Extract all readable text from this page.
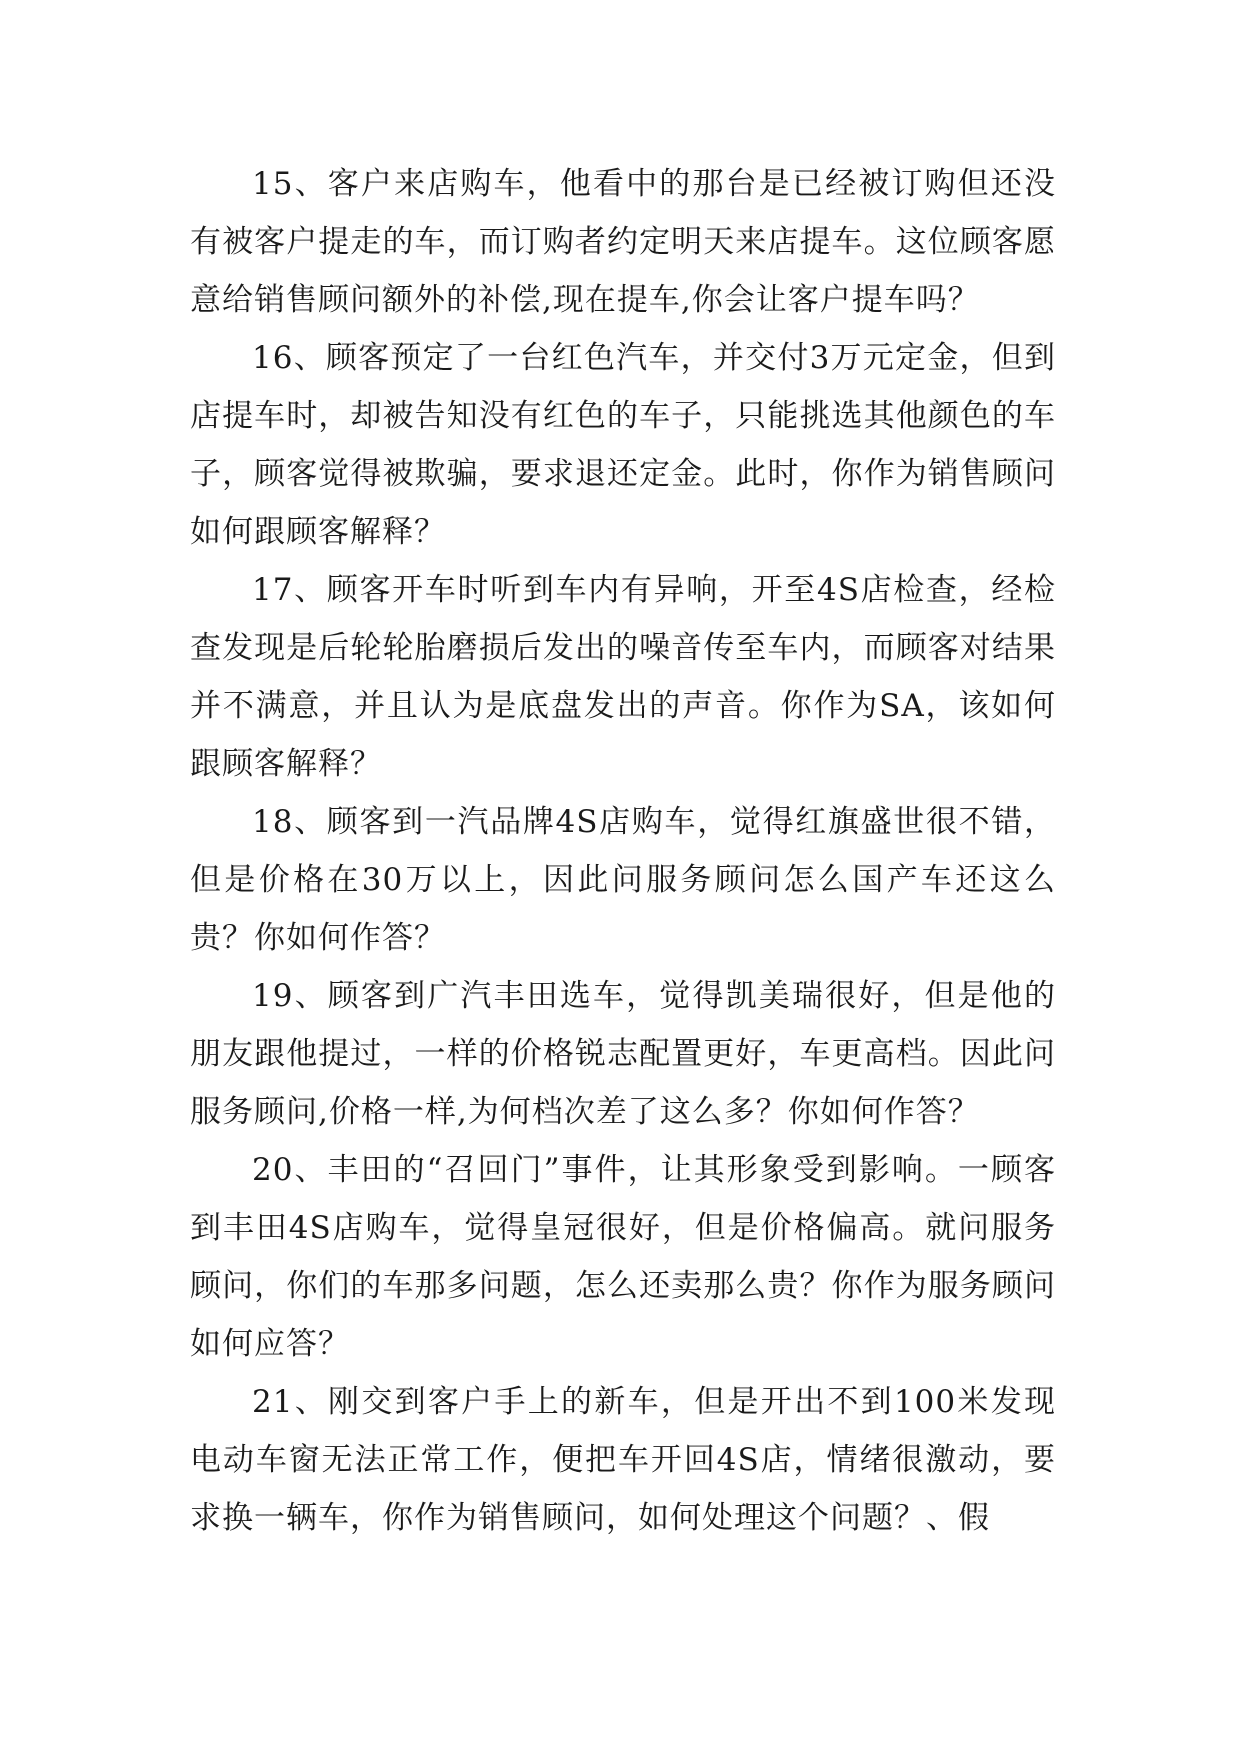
15、客户来店购车，他看中的那台是已经被订购但还没有被客户提走的车，而订购者约定明天来店提车。这位顾客愿意给销售顾问额外的补偿,现在提车,你会让客户提车吗？

16、顾客预定了一台红色汽车，并交付3万元定金，但到店提车时，却被告知没有红色的车子，只能挑选其他颜色的车子，顾客觉得被欺骗，要求退还定金。此时，你作为销售顾问如何跟顾客解释？

17、顾客开车时听到车内有异响，开至4S店检查，经检查发现是后轮轮胎磨损后发出的噪音传至车内，而顾客对结果并不满意，并且认为是底盘发出的声音。你作为SA，该如何跟顾客解释？

18、顾客到一汽品牌4S店购车，觉得红旗盛世很不错，但是价格在30万以上，因此问服务顾问怎么国产车还这么贵？你如何作答？

19、顾客到广汽丰田选车，觉得凯美瑞很好，但是他的朋友跟他提过，一样的价格锐志配置更好，车更高档。因此问服务顾问,价格一样,为何档次差了这么多？你如何作答？

20、丰田的“召回门”事件，让其形象受到影响。一顾客到丰田4S店购车，觉得皇冠很好，但是价格偏高。就问服务顾问，你们的车那多问题，怎么还卖那么贵？你作为服务顾问如何应答？

21、刚交到客户手上的新车，但是开出不到100米发现电动车窗无法正常工作，便把车开回4S店，情绪很激动，要求换一辆车，你作为销售顾问，如何处理这个问题？、假
